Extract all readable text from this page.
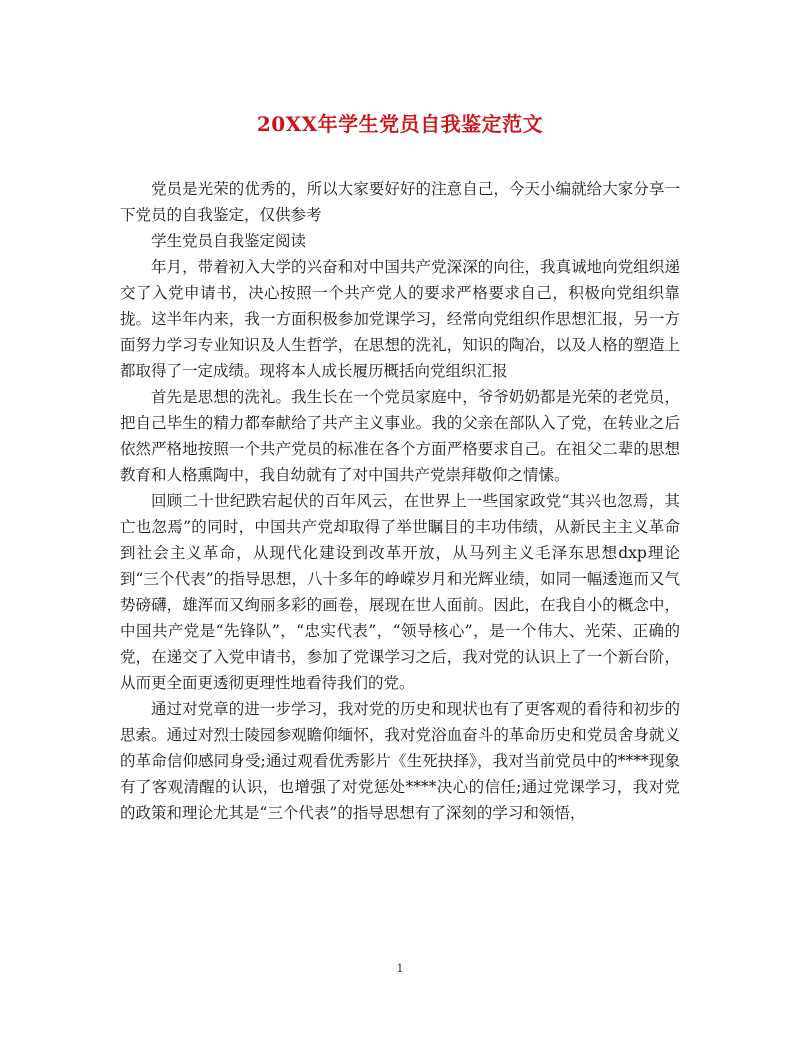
20XX年学生党员自我鉴定范文

党员是光荣的优秀的，所以大家要好好的注意自己，今天小编就给大家分享一下党员的自我鉴定，仅供参考

学生党员自我鉴定阅读

年月，带着初入大学的兴奋和对中国共产党深深的向往，我真诚地向党组织递交了入党申请书，决心按照一个共产党人的要求严格要求自己，积极向党组织靠拢。这半年内来，我一方面积极参加党课学习，经常向党组织作思想汇报，另一方面努力学习专业知识及人生哲学，在思想的洗礼，知识的陶冶，以及人格的塑造上都取得了一定成绩。现将本人成长履历概括向党组织汇报

首先是思想的洗礼。我生长在一个党员家庭中，爷爷奶奶都是光荣的老党员，把自己毕生的精力都奉献给了共产主义事业。我的父亲在部队入了党，在转业之后依然严格地按照一个共产党员的标准在各个方面严格要求自己。在祖父二辈的思想教育和人格熏陶中，我自幼就有了对中国共产党崇拜敬仰之情愫。

回顾二十世纪跌宕起伏的百年风云，在世界上一些国家政党“其兴也忽焉，其亡也忽焉”的同时，中国共产党却取得了举世瞩目的丰功伟绩，从新民主主义革命到社会主义革命，从现代化建设到改革开放，从马列主义毛泽东思想dxp理论到“三个代表”的指导思想，八十多年的峥嵘岁月和光辉业绩，如同一幅逶迤而又气势磅礴，雄浑而又绚丽多彩的画卷，展现在世人面前。因此，在我自小的概念中，中国共产党是“先锋队”，“忠实代表”，“领导核心”，是一个伟大、光荣、正确的党，在递交了入党申请书，参加了党课学习之后，我对党的认识上了一个新台阶，从而更全面更透彻更理性地看待我们的党。

通过对党章的进一步学习，我对党的历史和现状也有了更客观的看待和初步的思索。通过对烈士陵园参观瞻仰缅怀，我对党浴血奋斗的革命历史和党员舍身就义的革命信仰感同身受;通过观看优秀影片《生死抉择》，我对当前党员中的****现象有了客观清醒的认识，也增强了对党惩处****决心的信任;通过党课学习，我对党的政策和理论尤其是“三个代表”的指导思想有了深刻的学习和领悟，

1
